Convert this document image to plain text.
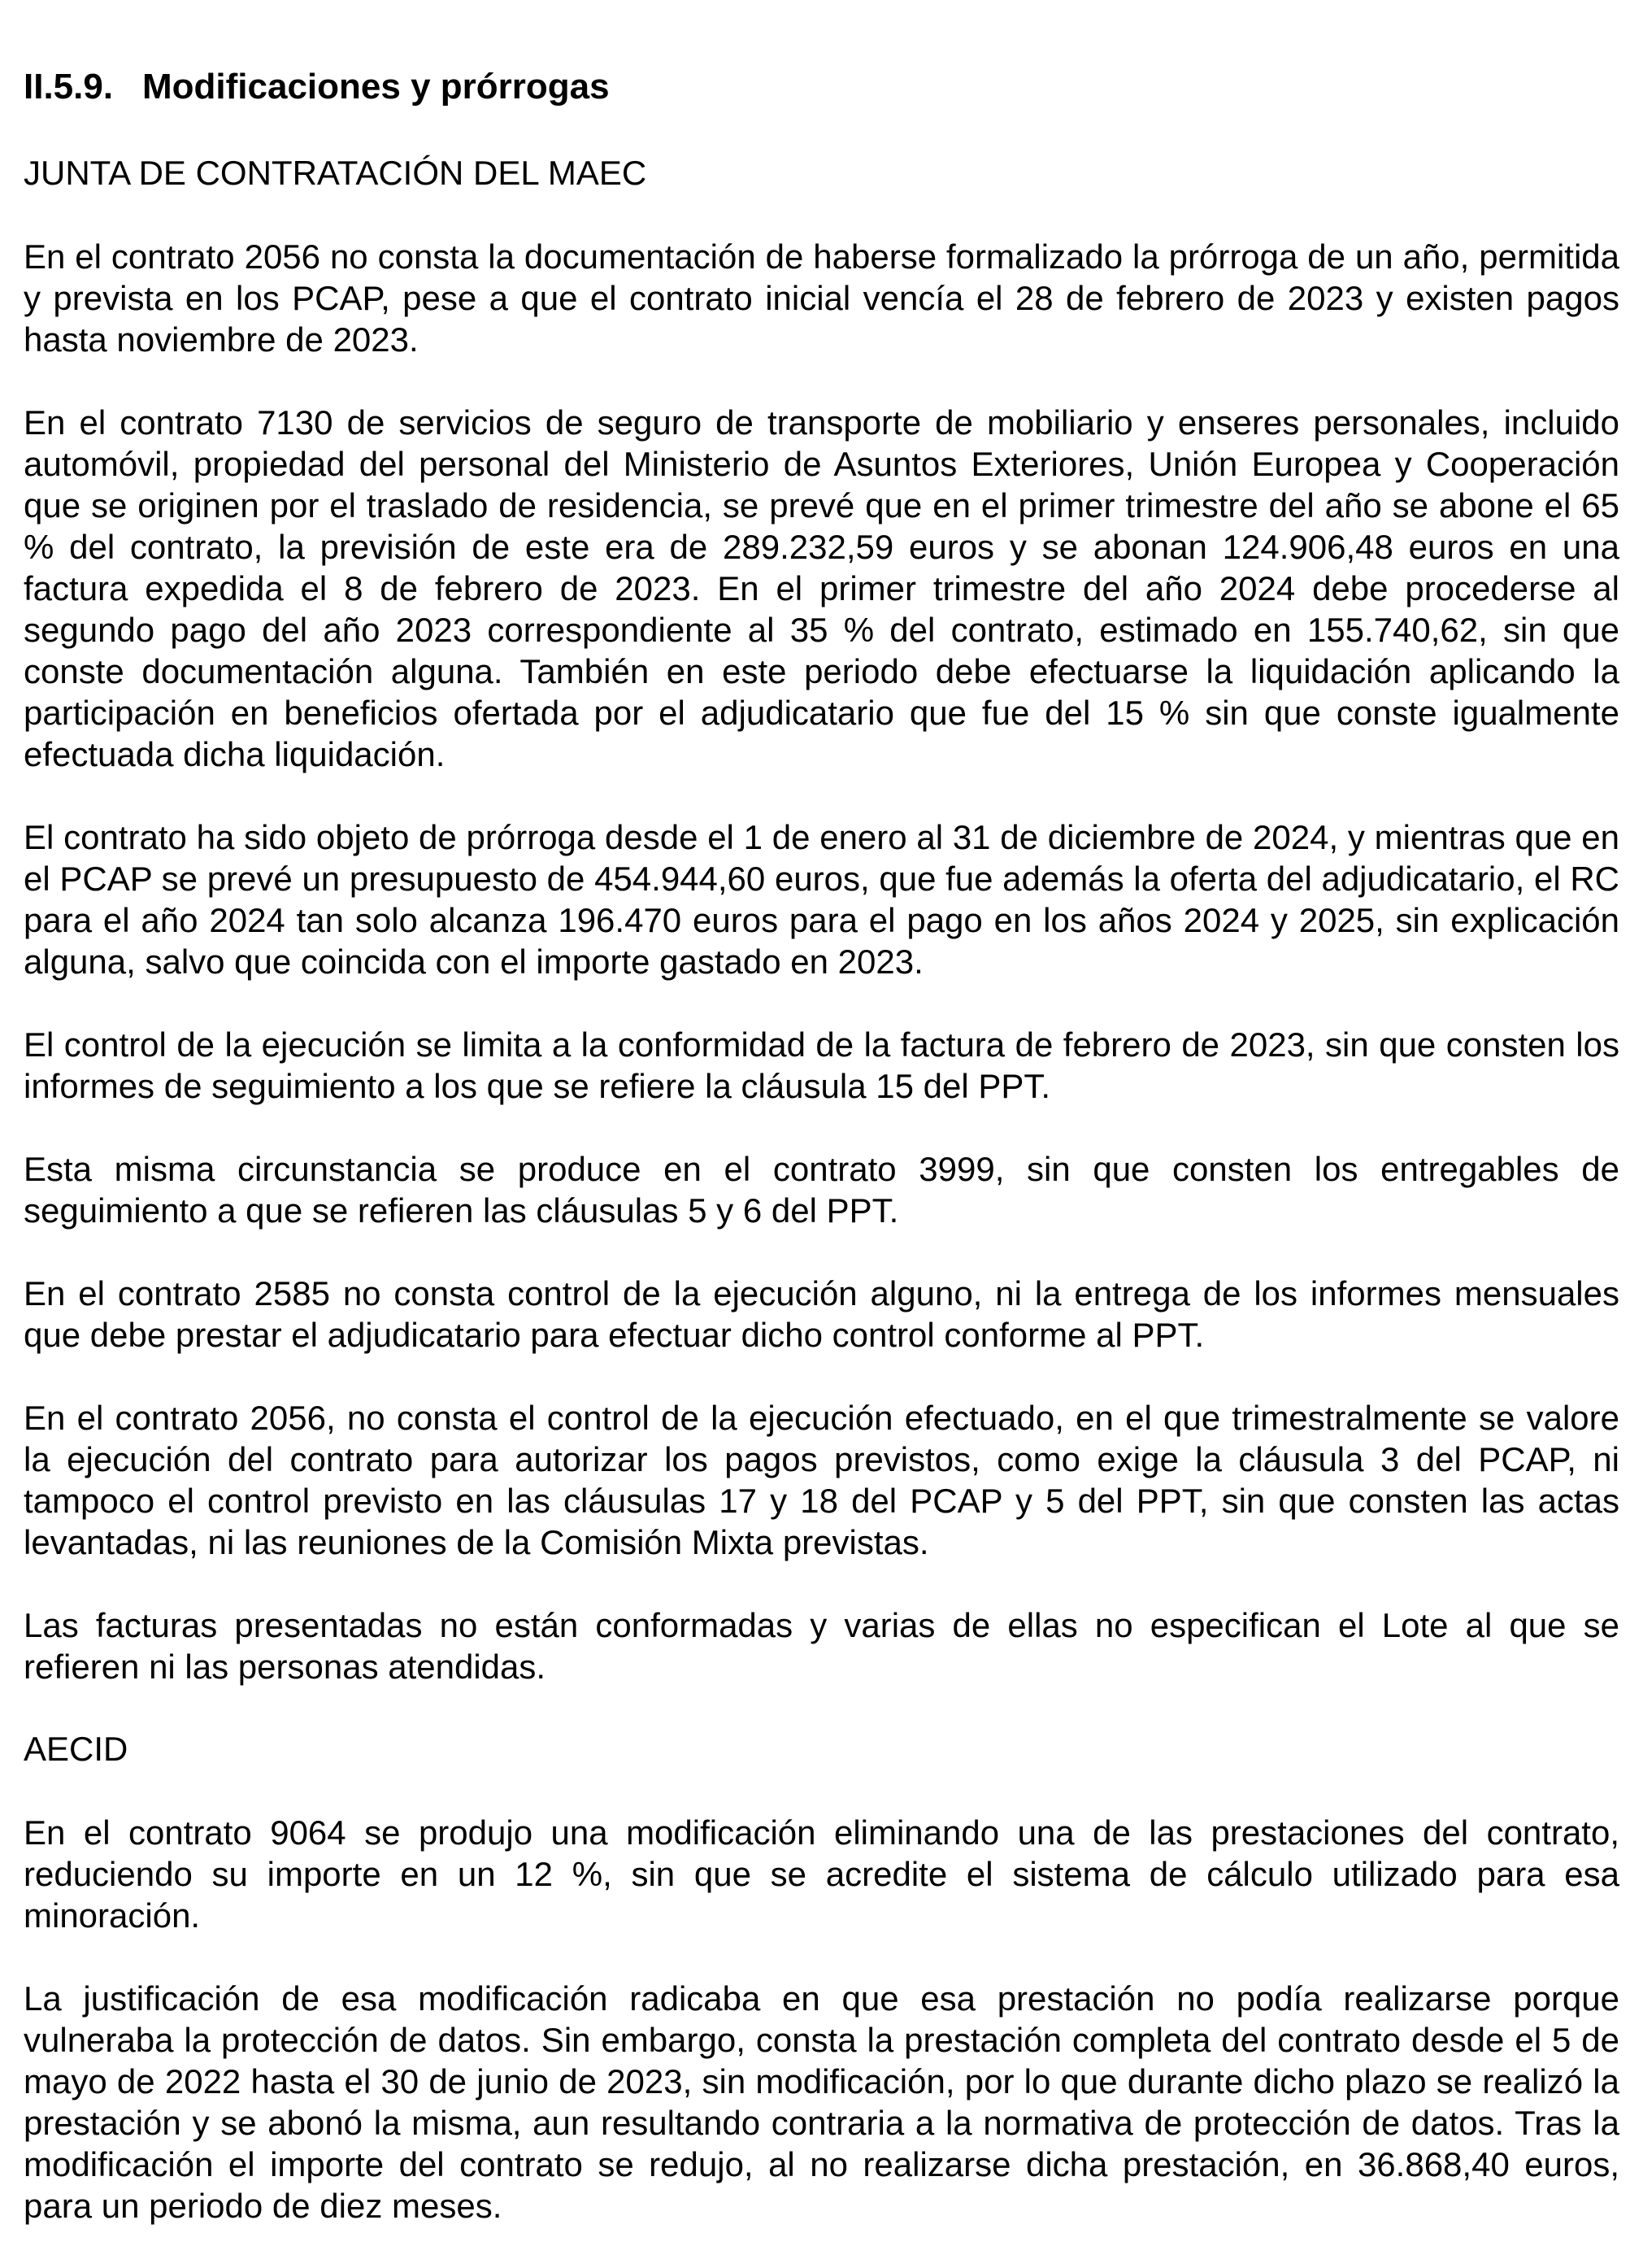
II.5.9. Modificaciones y prórrogas
JUNTA DE CONTRATACIÓN DEL MAEC

En el contrato 2056 no consta la documentación de haberse formalizado la prórroga de un año, permitida y prevista en los PCAP, pese a que el contrato inicial vencía el 28 de febrero de 2023 y existen pagos hasta noviembre de 2023.

En el contrato 7130 de servicios de seguro de transporte de mobiliario y enseres personales, incluido automóvil, propiedad del personal del Ministerio de Asuntos Exteriores, Unión Europea y Cooperación que se originen por el traslado de residencia, se prevé que en el primer trimestre del año se abone el 65 % del contrato, la previsión de este era de 289.232,59 euros y se abonan 124.906,48 euros en una factura expedida el 8 de febrero de 2023. En el primer trimestre del año 2024 debe procederse al segundo pago del año 2023 correspondiente al 35 % del contrato, estimado en 155.740,62, sin que conste documentación alguna. También en este periodo debe efectuarse la liquidación aplicando la participación en beneficios ofertada por el adjudicatario que fue del 15 % sin que conste igualmente efectuada dicha liquidación.

El contrato ha sido objeto de prórroga desde el 1 de enero al 31 de diciembre de 2024, y mientras que en el PCAP se prevé un presupuesto de 454.944,60 euros, que fue además la oferta del adjudicatario, el RC para el año 2024 tan solo alcanza 196.470 euros para el pago en los años 2024 y 2025, sin explicación alguna, salvo que coincida con el importe gastado en 2023.

El control de la ejecución se limita a la conformidad de la factura de febrero de 2023, sin que consten los informes de seguimiento a los que se refiere la cláusula 15 del PPT.

Esta misma circunstancia se produce en el contrato 3999, sin que consten los entregables de seguimiento a que se refieren las cláusulas 5 y 6 del PPT.

En el contrato 2585 no consta control de la ejecución alguno, ni la entrega de los informes mensuales que debe prestar el adjudicatario para efectuar dicho control conforme al PPT.

En el contrato 2056, no consta el control de la ejecución efectuado, en el que trimestralmente se valore la ejecución del contrato para autorizar los pagos previstos, como exige la cláusula 3 del PCAP, ni tampoco el control previsto en las cláusulas 17 y 18 del PCAP y 5 del PPT, sin que consten las actas levantadas, ni las reuniones de la Comisión Mixta previstas.

Las facturas presentadas no están conformadas y varias de ellas no especifican el Lote al que se refieren ni las personas atendidas.

AECID

En el contrato 9064 se produjo una modificación eliminando una de las prestaciones del contrato, reduciendo su importe en un 12 %, sin que se acredite el sistema de cálculo utilizado para esa minoración.

La justificación de esa modificación radicaba en que esa prestación no podía realizarse porque vulneraba la protección de datos. Sin embargo, consta la prestación completa del contrato desde el 5 de mayo de 2022 hasta el 30 de junio de 2023, sin modificación, por lo que durante dicho plazo se realizó la prestación y se abonó la misma, aun resultando contraria a la normativa de protección de datos. Tras la modificación el importe del contrato se redujo, al no realizarse dicha prestación, en 36.868,40 euros, para un periodo de diez meses.
